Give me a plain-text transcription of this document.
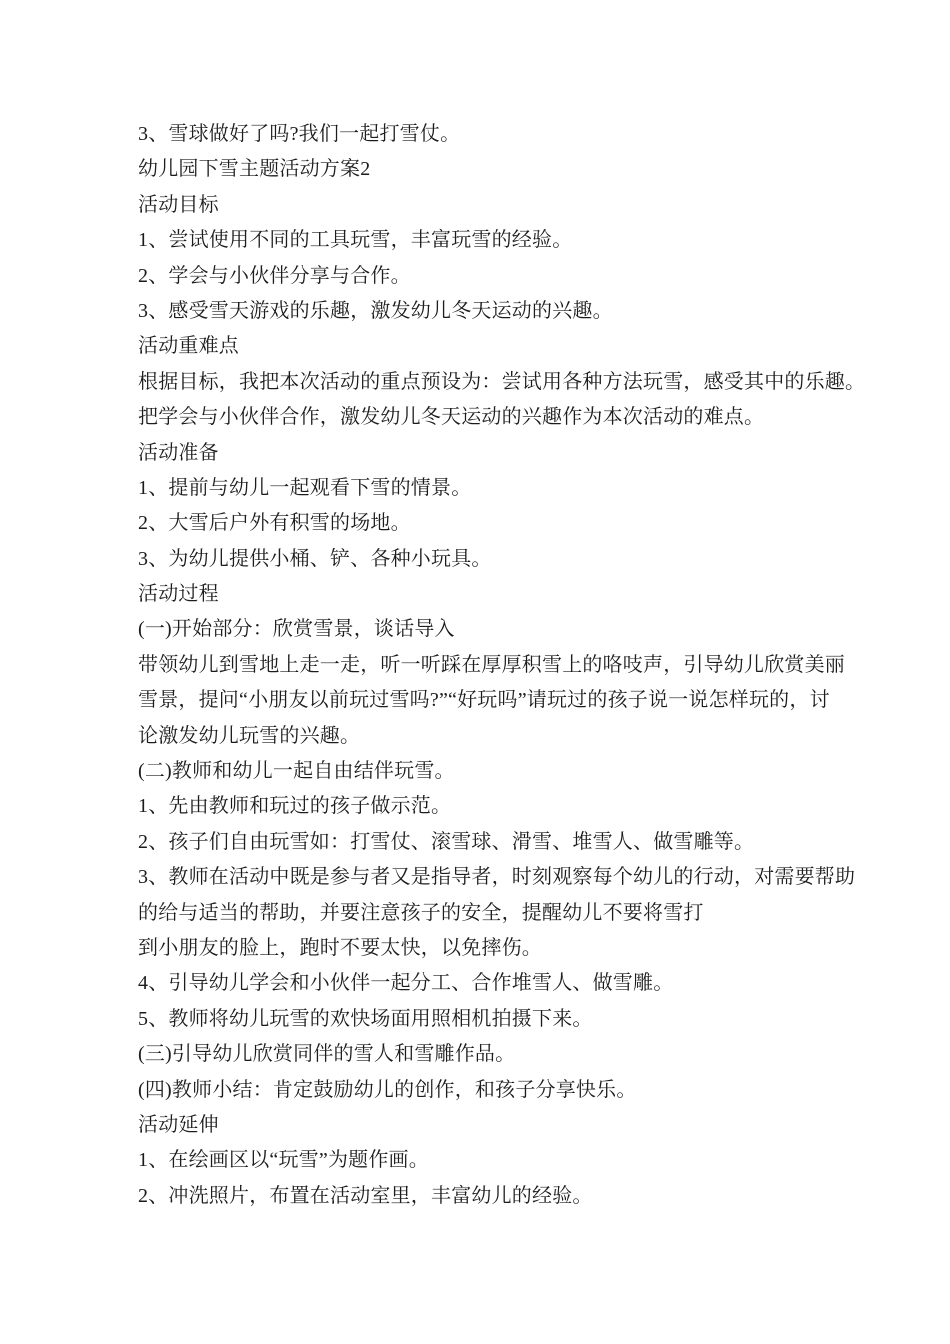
3、雪球做好了吗?我们一起打雪仗。

幼儿园下雪主题活动方案2

活动目标

1、尝试使用不同的工具玩雪，丰富玩雪的经验。

2、学会与小伙伴分享与合作。

3、感受雪天游戏的乐趣，激发幼儿冬天运动的兴趣。

活动重难点

根据目标，我把本次活动的重点预设为：尝试用各种方法玩雪，感受其中的乐趣。

把学会与小伙伴合作，激发幼儿冬天运动的兴趣作为本次活动的难点。

活动准备

1、提前与幼儿一起观看下雪的情景。

2、大雪后户外有积雪的场地。

3、为幼儿提供小桶、铲、各种小玩具。

活动过程

(一)开始部分：欣赏雪景，谈话导入

带领幼儿到雪地上走一走，听一听踩在厚厚积雪上的咯吱声，引导幼儿欣赏美丽

雪景，提问“小朋友以前玩过雪吗?”“好玩吗”请玩过的孩子说一说怎样玩的，讨

论激发幼儿玩雪的兴趣。

(二)教师和幼儿一起自由结伴玩雪。

1、先由教师和玩过的孩子做示范。

2、孩子们自由玩雪如：打雪仗、滚雪球、滑雪、堆雪人、做雪雕等。

3、教师在活动中既是参与者又是指导者，时刻观察每个幼儿的行动，对需要帮助

的给与适当的帮助，并要注意孩子的安全，提醒幼儿不要将雪打

到小朋友的脸上，跑时不要太快，以免摔伤。

4、引导幼儿学会和小伙伴一起分工、合作堆雪人、做雪雕。

5、教师将幼儿玩雪的欢快场面用照相机拍摄下来。

(三)引导幼儿欣赏同伴的雪人和雪雕作品。

(四)教师小结：肯定鼓励幼儿的创作，和孩子分享快乐。

活动延伸

1、在绘画区以“玩雪”为题作画。

2、冲洗照片，布置在活动室里，丰富幼儿的经验。
